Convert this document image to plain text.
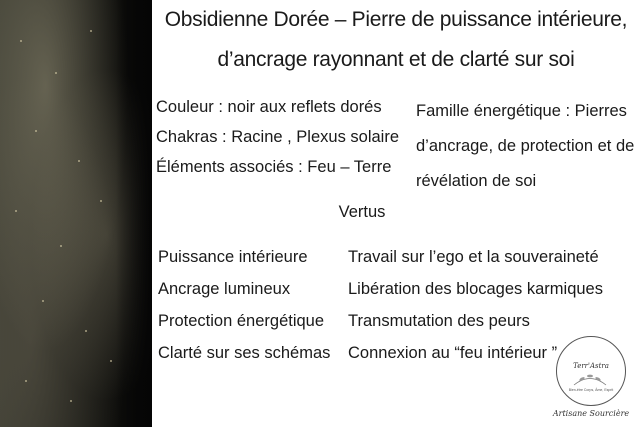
Obsidienne Dorée – Pierre de puissance intérieure,
d’ancrage rayonnant et de clarté sur soi
Couleur : noir aux reflets dorés
Chakras : Racine , Plexus solaire
Éléments associés : Feu – Terre
Famille énergétique : Pierres
d’ancrage, de protection et de
révélation de soi
Vertus
Puissance intérieure
Ancrage lumineux
Protection énergétique
Clarté sur ses schémas
Travail sur l’ego et la souveraineté
Libération des blocages karmiques
Transmutation des peurs
Connexion au “feu intérieur ”
Terr'Astra
Bien-être Corps, Âme, Esprit
Artisane Sourcière
